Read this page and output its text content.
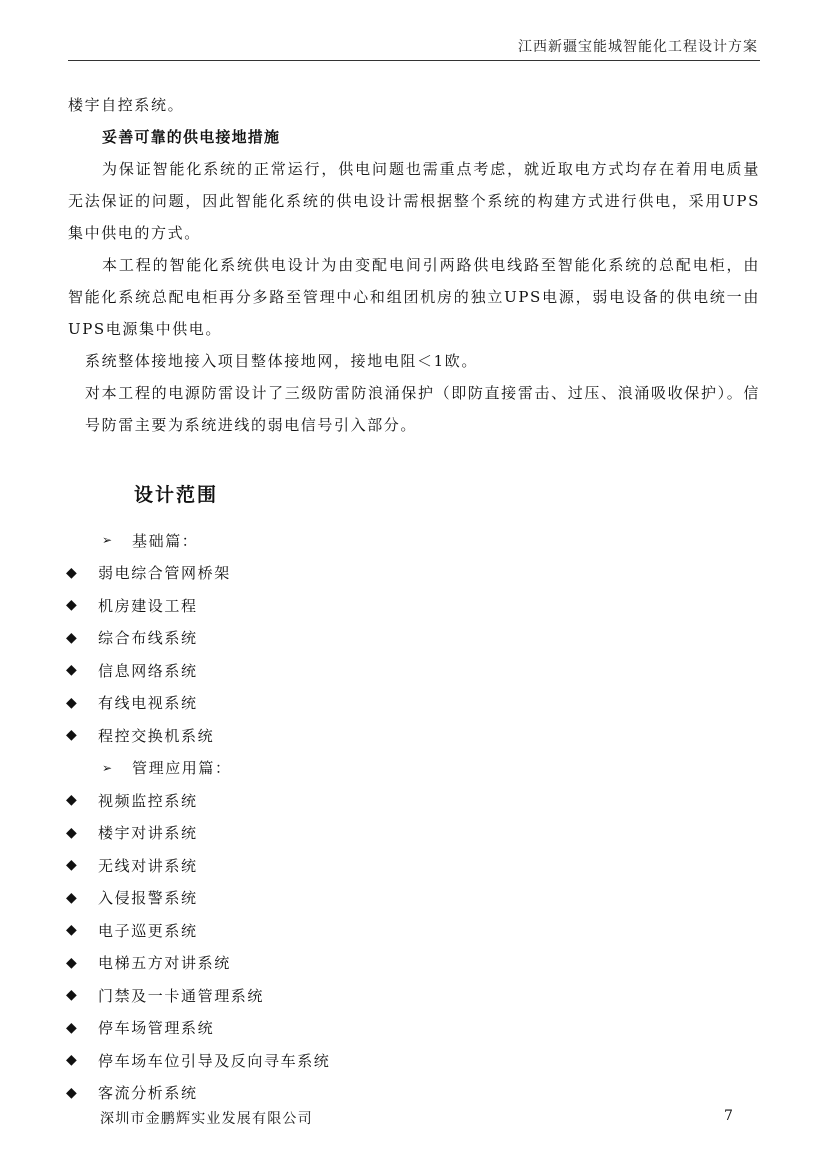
江西新疆宝能城智能化工程设计方案

楼宇自控系统。

妥善可靠的供电接地措施

为保证智能化系统的正常运行，供电问题也需重点考虑，就近取电方式均存在着用电质量无法保证的问题，因此智能化系统的供电设计需根据整个系统的构建方式进行供电，采用UPS集中供电的方式。

本工程的智能化系统供电设计为由变配电间引两路供电线路至智能化系统的总配电柜，由智能化系统总配电柜再分多路至管理中心和组团机房的独立UPS电源，弱电设备的供电统一由UPS电源集中供电。

系统整体接地接入项目整体接地网，接地电阻＜1欧。

对本工程的电源防雷设计了三级防雷防浪涌保护（即防直接雷击、过压、浪涌吸收保护）。信号防雷主要为系统进线的弱电信号引入部分。

设计范围
➢	基础篇：
◆	弱电综合管网桥架
◆	机房建设工程
◆	综合布线系统
◆	信息网络系统
◆	有线电视系统
◆	程控交换机系统
➢	管理应用篇：
◆	视频监控系统
◆	楼宇对讲系统
◆	无线对讲系统
◆	入侵报警系统
◆	电子巡更系统
◆	电梯五方对讲系统
◆	门禁及一卡通管理系统
◆	停车场管理系统
◆	停车场车位引导及反向寻车系统
◆	客流分析系统
深圳市金鹏辉实业发展有限公司	7
